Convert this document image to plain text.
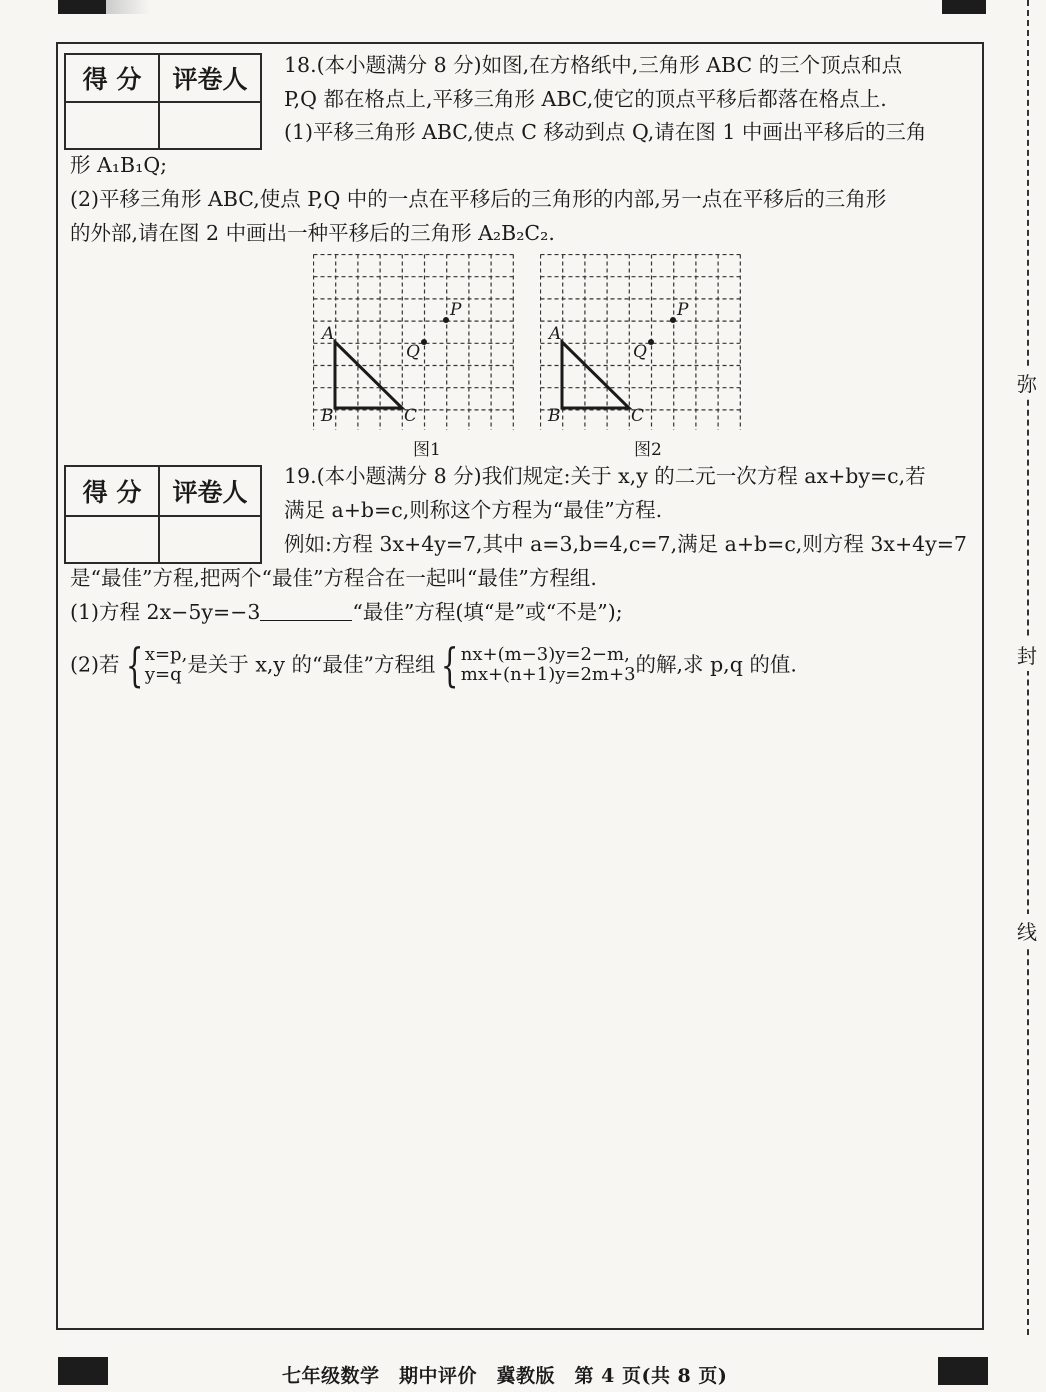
弥
封
线
得 分	评卷人
	18.(本小题满分 8 分)如图,在方格纸中,三角形 ABC 的三个顶点和点
P,Q 都在格点上,平移三角形 ABC,使它的顶点平移后都落在格点上.
(1)平移三角形 ABC,使点 C 移动到点 Q,请在图 1 中画出平移后的三角
形 A₁B₁Q;
(2)平移三角形 ABC,使点 P,Q 中的一点在平移后的三角形的内部,另一点在平移后的三角形
的外部,请在图 2 中画出一种平移后的三角形 A₂B₂C₂.
A
B	C
P
Q
图1
A
B	C
P
Q
图2
得 分	评卷人

19.(本小题满分 8 分)我们规定:关于 x,y 的二元一次方程 ax+by=c,若
满足 a+b=c,则称这个方程为“最佳”方程.
例如:方程 3x+4y=7,其中 a=3,b=4,c=7,满足 a+b=c,则方程 3x+4y=7
是“最佳”方程,把两个“最佳”方程合在一起叫“最佳”方程组.
(1)方程 2x−5y=−3	“最佳”方程(填“是”或“不是”);
(2)若 { x=p,
y=q 是关于 x,y 的“最佳”方程组 { nx+(m−3)y=2−m,
mx+(n+1)y=2m+3 的解,求 p,q 的值.
七年级数学　期中评价　冀教版　第 4 页(共 8 页)
